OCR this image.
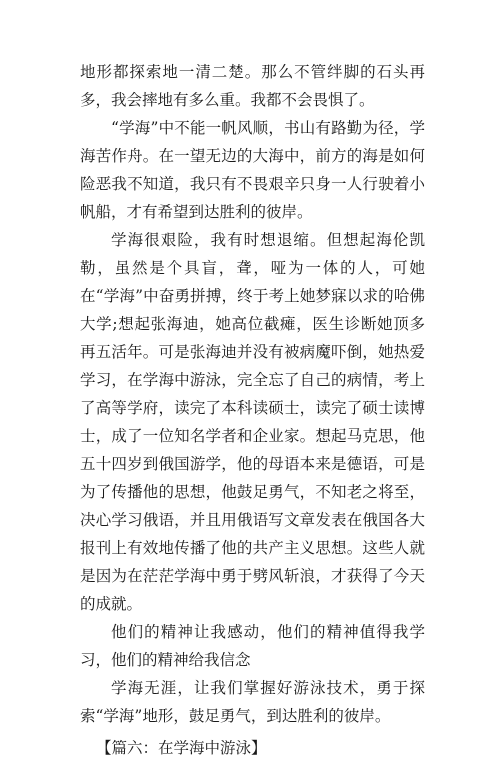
地形都探索地一清二楚。那么不管绊脚的石头再多，我会摔地有多么重。我都不会畏惧了。

“学海”中不能一帆风顺，书山有路勤为径，学海苦作舟。在一望无边的大海中，前方的海是如何险恶我不知道，我只有不畏艰辛只身一人行驶着小帆船，才有希望到达胜利的彼岸。

学海很艰险，我有时想退缩。但想起海伦凯勒，虽然是个具盲，聋，哑为一体的人，可她在“学海”中奋勇拼搏，终于考上她梦寐以求的哈佛大学;想起张海迪，她高位截瘫，医生诊断她顶多再五活年。可是张海迪并没有被病魔吓倒，她热爱学习，在学海中游泳，完全忘了自己的病情，考上了高等学府，读完了本科读硕士，读完了硕士读博士，成了一位知名学者和企业家。想起马克思，他五十四岁到俄国游学，他的母语本来是德语，可是为了传播他的思想，他鼓足勇气，不知老之将至，决心学习俄语，并且用俄语写文章发表在俄国各大报刊上有效地传播了他的共产主义思想。这些人就是因为在茫茫学海中勇于劈风斩浪，才获得了今天的成就。

他们的精神让我感动，他们的精神值得我学习，他们的精神给我信念

学海无涯，让我们掌握好游泳技术，勇于探索“学海”地形，鼓足勇气，到达胜利的彼岸。

【篇六：在学海中游泳】
